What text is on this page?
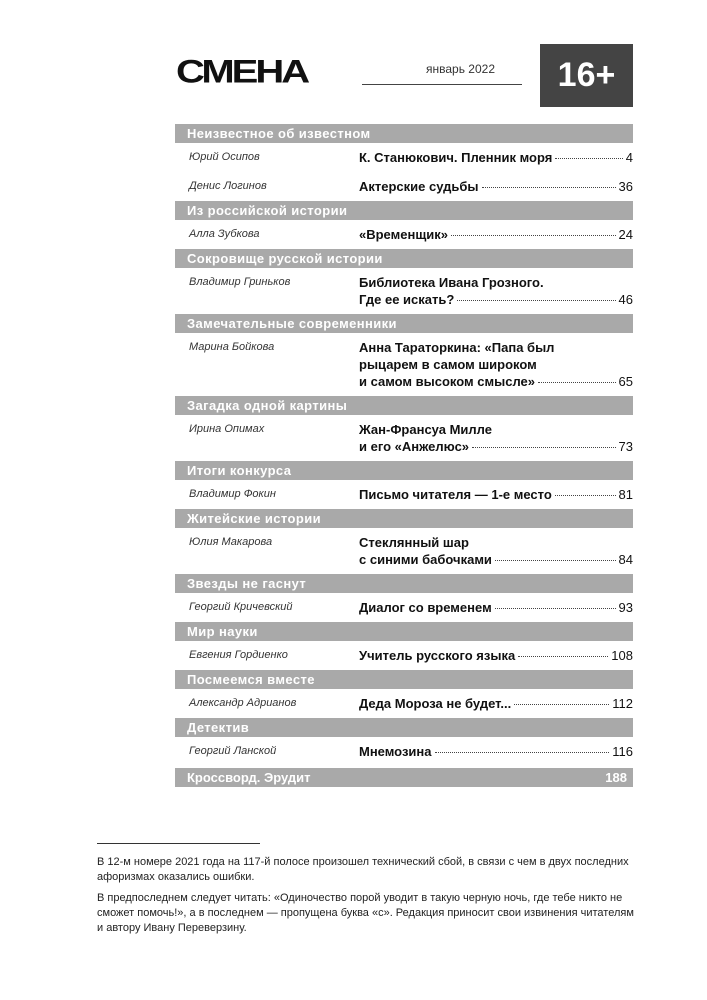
СМЕНА	январь 2022	16+
Неизвестное об известном
Юрий Осипов	К. Станюкович. Пленник моря	4
Денис Логинов	Актерские судьбы	36
Из российской истории
Алла Зубкова	«Временщик»	24
Сокровище русской истории
Владимир Гриньков	Библиотека Ивана Грозного.
Где ее искать?	46
Замечательные современники
Марина Бойкова	Анна Тараторкина: «Папа был
рыцарем в самом широком
и самом высоком смысле»	65
Загадка одной картины
Ирина Опимах	Жан-Франсуа Милле
и его «Анжелюс»	73
Итоги конкурса
Владимир Фокин	Письмо читателя — 1-е место	81
Житейские истории
Юлия Макарова	Стеклянный шар
с синими бабочками	84
Звезды не гаснут
Георгий Кричевский	Диалог со временем	93
Мир науки
Евгения Гордиенко	Учитель русского языка	108
Посмеемся вместе
Александр Адрианов	Деда Мороза не будет...	112
Детектив
Георгий Ланской	Мнемозина	116
Кроссворд. Эрудит	188

В 12-м номере 2021 года на 117-й полосе произошел технический сбой, в связи с чем в двух последних афоризмах оказались ошибки.

В предпоследнем следует читать: «Одиночество порой уводит в такую черную ночь, где тебе никто не сможет помочь!», а в последнем — пропущена буква «с». Редакция приносит свои извинения читателям и автору Ивану Переверзину.
